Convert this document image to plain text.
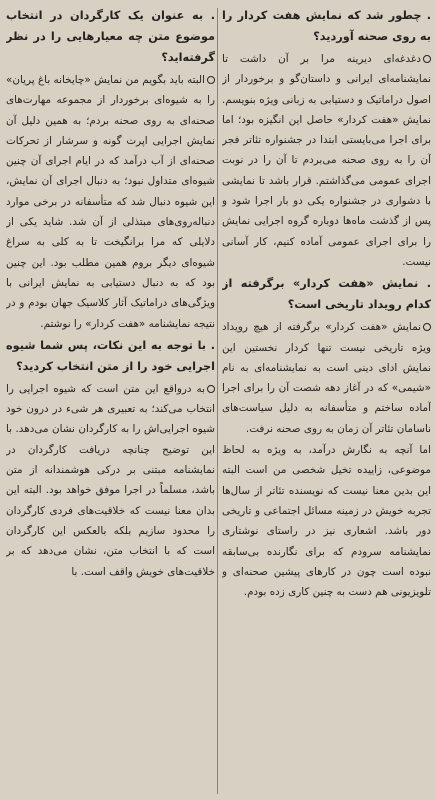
. چطور شد که نمایش هفت کردار را به روی صحنه آوردید؟
دغدغه‌ای دیرینه مرا بر آن داشت تا نمایشنامه‌ای ایرانی و داستان‌گو و برخوردار از اصول دراماتیک و دستیابی به زبانی ویژه بنویسم. نمایش «هفت کردار» حاصل این انگیزه بود؛ اما برای اجرا می‌بایستی ابتدا در جشنواره تئاتر فجر آن را به روی صحنه می‌بردم تا آن را در نوبت اجرای عمومی می‌گذاشتم. قرار باشد تا نمایشی با دشواری در جشنواره یکی دو بار اجرا شود و پس از گذشت ماه‌ها دوباره گروه اجرایی نمایش را برای اجرای عمومی آماده کنیم، کار آسانی نیست.
. نمایش «هفت کردار» برگرفته از کدام رویداد تاریخی است؟
نمایش «هفت کردار» برگرفته از هیچ رویداد ویژه تاریخی نیست تنها کردار نخستین این نمایش ادای دینی است به نمایشنامه‌ای به نام «شیمی» که در آغاز دهه شصت آن را برای اجرا آماده ساختم و متأسفانه به دلیل سیاست‌های ناسامان تئاتر آن زمان به روی صحنه نرفت.
اما آنچه به نگارش درآمد، به ویژه به لحاظ موضوعی، زاییده تخیل شخصی من است البته این بدین معنا نیست که نویسنده تئاتر از سال‌ها تجربه خویش در زمینه مسائل اجتماعی و تاریخی دور باشد. اشعاری نیز در راستای نوشتاری نمایشنامه سرودم که برای نگارنده بی‌سابقه نبوده است چون در کارهای پیشین صحنه‌ای و تلویزیونی هم دست به چنین کاری زده بودم.
. به عنوان یک کارگردان در انتخاب موضوع متن چه معیارهایی را در نظر گرفته‌اید؟
البته باید بگویم من نمایش «چایخانه باغ پریان» را به شیوه‌ای برخوردار از مجموعه مهارت‌های صحنه‌ای به روی صحنه بردم؛ به همین دلیل آن نمایش اجرایی اپرت گونه و سرشار از تحرکات صحنه‌ای از آب درآمد که در ایام اجرای آن چنین شیوه‌ای متداول نبود؛ به دنبال اجرای آن نمایش، این شیوه دنبال شد که متأسفانه در برخی موارد دنباله‌روی‌های مبتذلی از آن شد. شاید یکی از دلایلی که مرا برانگیخت تا به کلی به سراغ شیوه‌ای دیگر بروم همین مطلب بود. این چنین بود که به دنبال دستیابی به نمایش ایرانی با ویژگی‌های دراماتیک آثار کلاسیک جهان بودم و در نتیجه نمایشنامه «هفت کردار» را نوشتم.
. با توجه به این نکات، پس شما شیوه اجرایی خود را از متن انتخاب کردید؟
به درواقع این متن است که شیوه اجرایی را انتخاب می‌کند؛ به تعبیری هر شیء در درون خود شیوه اجرایی‌اش را به کارگردان نشان می‌دهد. با این توضیح چنانچه دریافت کارگردان در نمایشنامه مبتنی بر درکی هوشمندانه از متن باشد، مسلماً در اجرا موفق خواهد بود. البته این بدان معنا نیست که خلاقیت‌های فردی کارگردان را محدود سازیم بلکه بالعکس این کارگردان است که با انتخاب متن، نشان می‌دهد که بر خلاقیت‌های خویش واقف است. با
